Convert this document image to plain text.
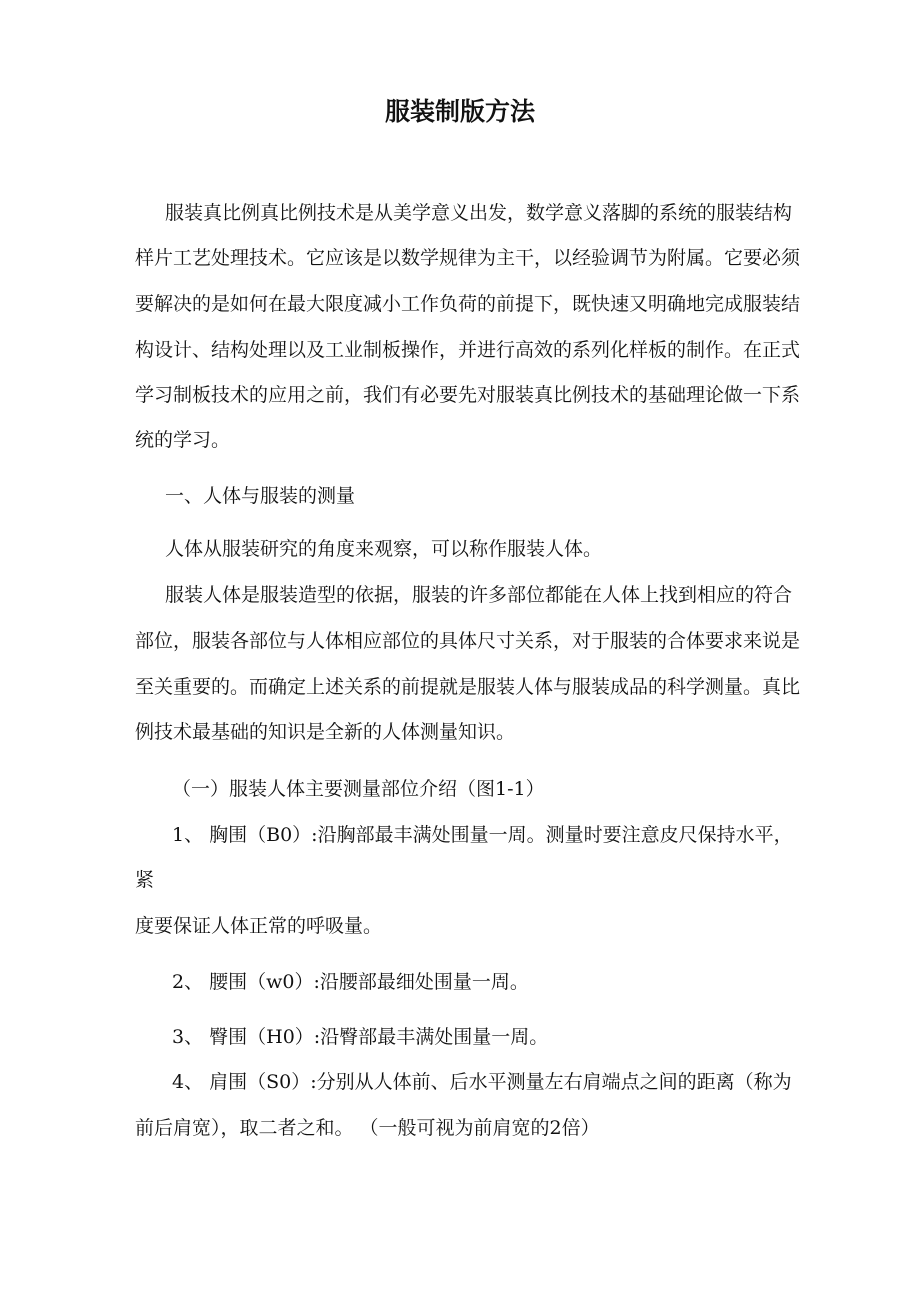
服装制版方法
服装真比例真比例技术是从美学意义出发，数学意义落脚的系统的服装结构
样片工艺处理技术。它应该是以数学规律为主干，以经验调节为附属。它要必须
要解决的是如何在最大限度减小工作负荷的前提下，既快速又明确地完成服装结
构设计、结构处理以及工业制板操作，并进行高效的系列化样板的制作。在正式
学习制板技术的应用之前，我们有必要先对服装真比例技术的基础理论做一下系
统的学习。
一、人体与服装的测量
人体从服装研究的角度来观察，可以称作服装人体。
服装人体是服装造型的依据，服装的许多部位都能在人体上找到相应的符合
部位，服装各部位与人体相应部位的具体尺寸关系，对于服装的合体要求来说是
至关重要的。而确定上述关系的前提就是服装人体与服装成品的科学测量。真比
例技术最基础的知识是全新的人体测量知识。
（一）服装人体主要测量部位介绍（图1-1）
1、 胸围（B0）:沿胸部最丰满处围量一周。测量时要注意皮尺保持水平，
紧
度要保证人体正常的呼吸量。
2、 腰围（w0）:沿腰部最细处围量一周。
3、 臀围（H0）:沿臀部最丰满处围量一周。
4、 肩围（S0）:分别从人体前、后水平测量左右肩端点之间的距离（称为
前后肩宽），取二者之和。 （一般可视为前肩宽的2倍）
